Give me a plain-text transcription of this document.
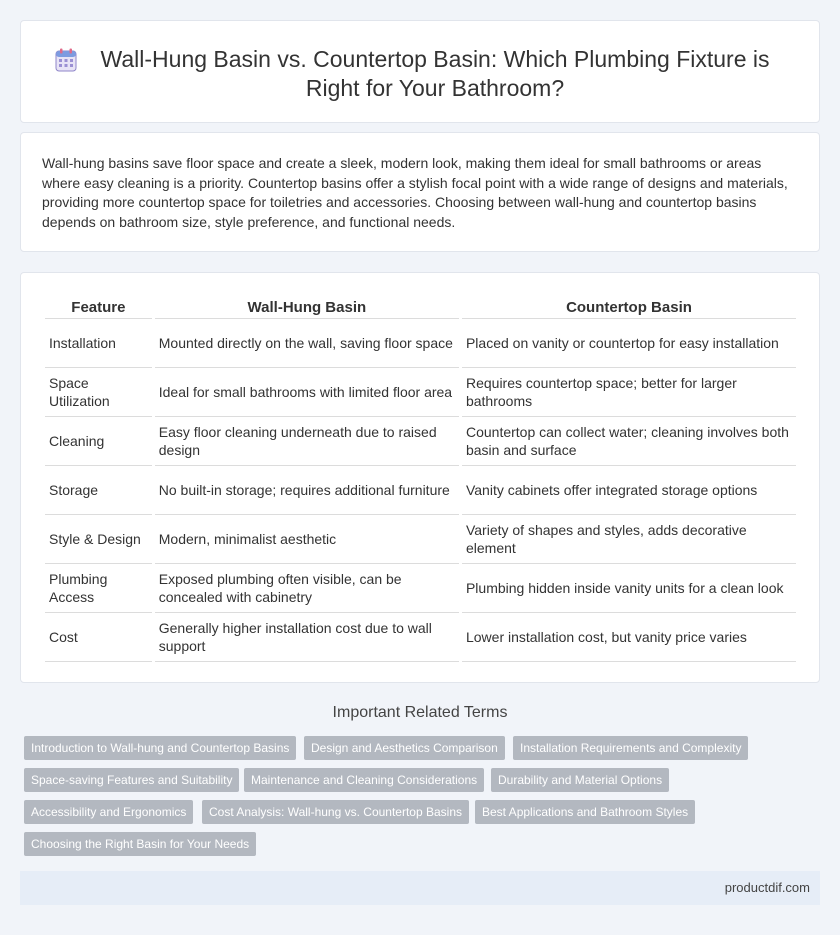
Wall-Hung Basin vs. Countertop Basin: Which Plumbing Fixture is Right for Your Bathroom?

Wall-hung basins save floor space and create a sleek, modern look, making them ideal for small bathrooms or areas where easy cleaning is a priority. Countertop basins offer a stylish focal point with a wide range of designs and materials, providing more countertop space for toiletries and accessories. Choosing between wall-hung and countertop basins depends on bathroom size, style preference, and functional needs.

Feature	Wall-Hung Basin	Countertop Basin
Installation	Mounted directly on the wall, saving floor space	Placed on vanity or countertop for easy installation
Space Utilization	Ideal for small bathrooms with limited floor area	Requires countertop space; better for larger bathrooms
Cleaning	Easy floor cleaning underneath due to raised design	Countertop can collect water; cleaning involves both basin and surface
Storage	No built-in storage; requires additional furniture	Vanity cabinets offer integrated storage options
Style & Design	Modern, minimalist aesthetic	Variety of shapes and styles, adds decorative element
Plumbing Access	Exposed plumbing often visible, can be concealed with cabinetry	Plumbing hidden inside vanity units for a clean look
Cost	Generally higher installation cost due to wall support	Lower installation cost, but vanity price varies
Important Related Terms
Introduction to Wall-hung and Countertop Basins	Design and Aesthetics Comparison	Installation Requirements and Complexity
Space-saving Features and Suitability	Maintenance and Cleaning Considerations	Durability and Material Options
Accessibility and Ergonomics	Cost Analysis: Wall-hung vs. Countertop Basins	Best Applications and Bathroom Styles
Choosing the Right Basin for Your Needs
productdif.com
